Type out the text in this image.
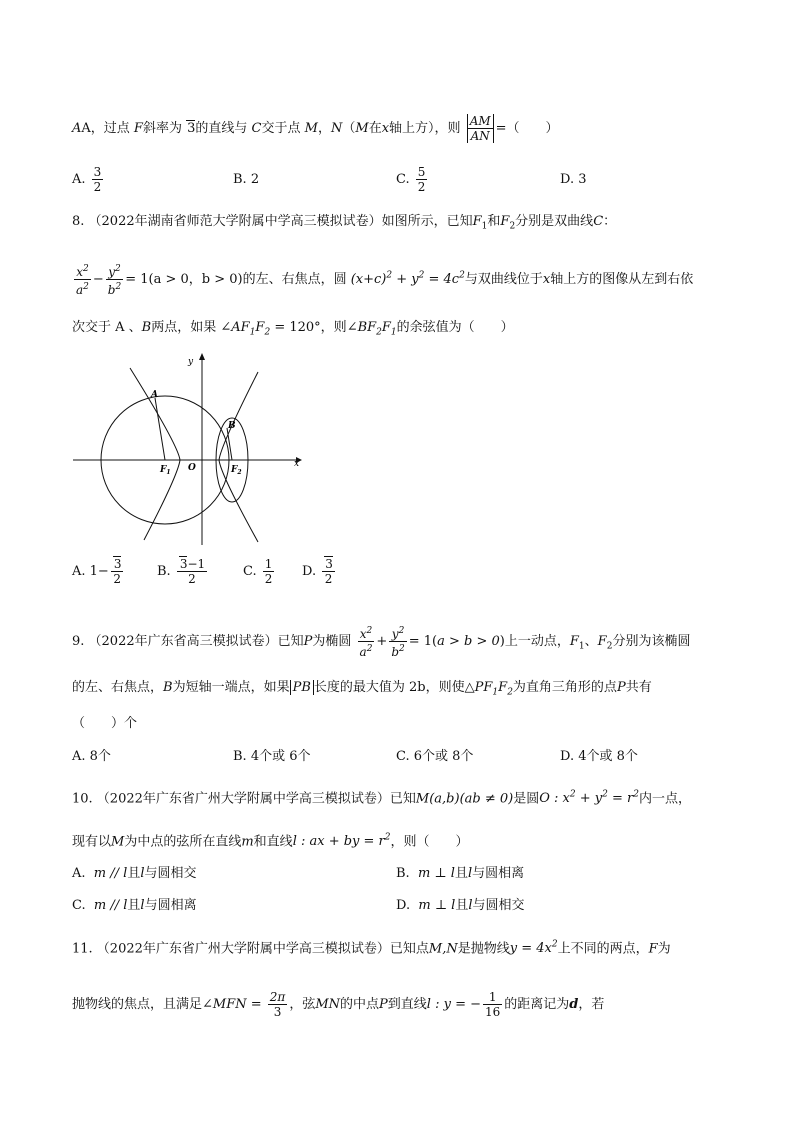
AA，过点 F斜率为 3的直线与 C交于点 M，N（M在x轴上方），则 $\frac{AM}{AN}$ =（　　）
A. $\frac{3}{2}$	B. 2	C. $\frac{5}{2}$	D. 3
8. （2022年湖南省师范大学附属中学高三模拟试卷）如图所示，已知$F_1$和$F_2$分别是双曲线C：
$\frac{x^2}{a^2} - \frac{y^2}{b^2} = 1(a > 0$，b > 0)的左、右焦点，圆 $(x+c)^2 + y^2 = 4c^2$与双曲线位于x轴上方的图像从左到右依
次交于 A 、B两点，如果 $\angle AF_1F_2 = 120^\circ$，则$\angle BF_2F_1$的余弦值为（　　）
y
A
B
$F_1$ O	$F_2$
x
A. $1- \frac{3}{2}$	B. $\frac{3-1}{2}$	C. $\frac{1}{2} D$. $\frac{3}{2}$
9. （2022年广东省高三模拟试卷）已知P为椭圆 $\frac{x^2}{a^2} + \frac{y^2}{b^2} = 1(a > b > 0)$上一动点，$F_1$、$F_2$分别为该椭圆
的左、右焦点，B为短轴一端点，如果 PB 长度的最大值为 2b，则使$\triangle PF_1F_2$为直角三角形的点P共有
（　　）个
A. 8个	B. 4个或 6个	C. 6个或 8个	D. 4个或 8个
10. （2022年广东省广州大学附属中学高三模拟试卷）已知M(a,b)(ab ≠ 0)是圆O : $x^2 + y^2 = r^2$内一点，
现有以M为中点的弦所在直线m和直线l : ax + by = $r^2$，则（　　）
A. m // l且l与圆相交	B. m ⊥ l且l与圆相离
C. m // l且l与圆相离	D. m ⊥ l且l与圆相交
11. （2022年广东省广州大学附属中学高三模拟试卷）已知点M,N是抛物线$y = 4x^2$上不同的两点，F为
抛物线的焦点，且满足∠MFN = $\frac{2\pi}{3}$ ，弦MN的中点P到直线l : y = − $\frac{1}{16}$ 的距离记为d，若
